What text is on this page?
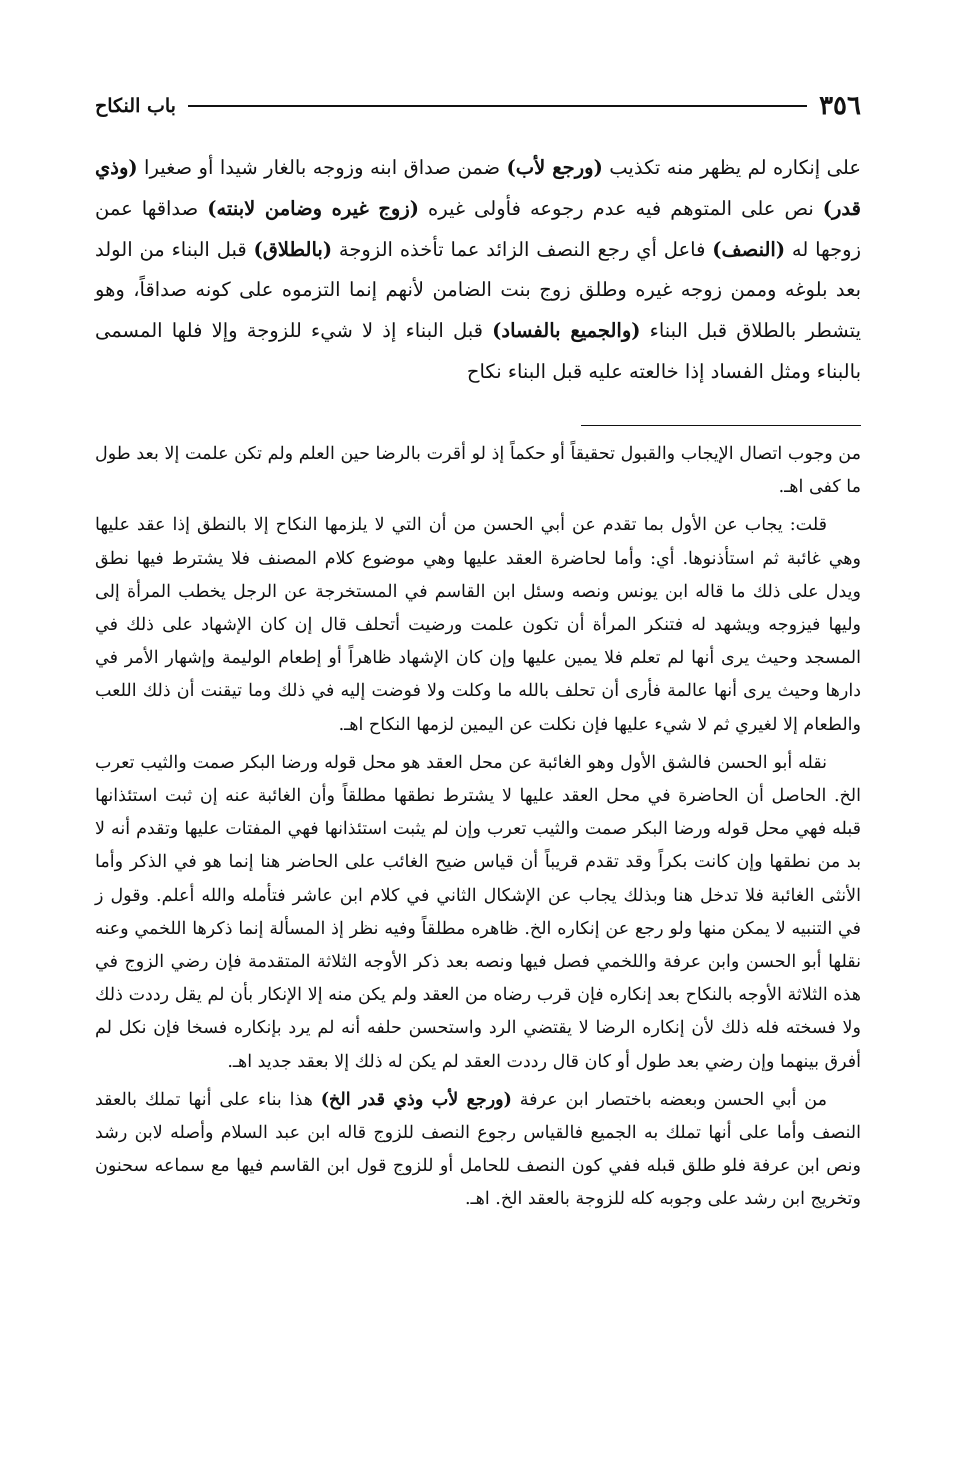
٣٥٦
باب النكاح

على إنكاره لم يظهر منه تكذيب (ورجع لأب) ضمن صداق ابنه وزوجه بالغار شيدا أو صغيرا (وذي قدر) نص على المتوهم فيه عدم رجوعه فأولى غيره (زوج غيره وضامن لابنته) صداقها عمن زوجها له (النصف) فاعل أي رجع النصف الزائد عما تأخذه الزوجة (بالطلاق) قبل البناء من الولد بعد بلوغه وممن زوجه غيره وطلق زوج بنت الضامن لأنهم إنما التزموه على كونه صداقاً، وهو يتشطر بالطلاق قبل البناء (والجميع بالفساد) قبل البناء إذ لا شيء للزوجة وإلا فلها المسمى بالبناء ومثل الفساد إذا خالعته عليه قبل البناء نكاح

من وجوب اتصال الإيجاب والقبول تحقيقاً أو حكماً إذ لو أقرت بالرضا حين العلم ولم تكن علمت إلا بعد طول ما كفى اهـ.

قلت: يجاب عن الأول بما تقدم عن أبي الحسن من أن التي لا يلزمها النكاح إلا بالنطق إذا عقد عليها وهي غائبة ثم استأذنوها. أي: وأما لحاضرة العقد عليها وهي موضوع كلام المصنف فلا يشترط فيها نطق ويدل على ذلك ما قاله ابن يونس ونصه وسئل ابن القاسم في المستخرجة عن الرجل يخطب المرأة إلى وليها فيزوجه ويشهد له فتنكر المرأة أن تكون علمت ورضيت أتحلف قال إن كان الإشهاد على ذلك في المسجد وحيث يرى أنها لم تعلم فلا يمين عليها وإن كان الإشهاد ظاهراً أو إطعام الوليمة وإشهار الأمر في دارها وحيث يرى أنها عالمة فأرى أن تحلف بالله ما وكلت ولا فوضت إليه في ذلك وما تيقنت أن ذلك اللعب والطعام إلا لغيري ثم لا شيء عليها فإن نكلت عن اليمين لزمها النكاح اهـ.

نقله أبو الحسن فالشق الأول وهو الغائبة عن محل العقد هو محل قوله ورضا البكر صمت والثيب تعرب الخ. الحاصل أن الحاضرة في محل العقد عليها لا يشترط نطقها مطلقاً وأن الغائبة عنه إن ثبت استئذانها قبله فهي محل قوله ورضا البكر صمت والثيب تعرب وإن لم يثبت استئذانها فهي المفتات عليها وتقدم أنه لا بد من نطقها وإن كانت بكراً وقد تقدم قريباً أن قياس ضيح الغائب على الحاضر هنا إنما هو في الذكر وأما الأنثى الغائبة فلا تدخل هنا وبذلك يجاب عن الإشكال الثاني في كلام ابن عاشر فتأمله والله أعلم. وقول ز في التنبيه لا يمكن منها ولو رجع عن إنكاره الخ. ظاهره مطلقاً وفيه نظر إذ المسألة إنما ذكرها اللخمي وعنه نقلها أبو الحسن وابن عرفة واللخمي فصل فيها ونصه بعد ذكر الأوجه الثلاثة المتقدمة فإن رضي الزوج في هذه الثلاثة الأوجه بالنكاح بعد إنكاره فإن قرب رضاه من العقد ولم يكن منه إلا الإنكار بأن لم يقل رددت ذلك ولا فسخته فله ذلك لأن إنكاره الرضا لا يقتضي الرد واستحسن حلفه أنه لم يرد بإنكاره فسخا فإن نكل لم أفرق بينهما وإن رضي بعد طول أو كان قال رددت العقد لم يكن له ذلك إلا بعقد جديد اهـ.

من أبي الحسن وبعضه باختصار ابن عرفة (ورجع لأب وذي قدر الخ) هذا بناء على أنها تملك بالعقد النصف وأما على أنها تملك به الجميع فالقياس رجوع النصف للزوج قاله ابن عبد السلام وأصله لابن رشد ونص ابن عرفة فلو طلق قبله ففي كون النصف للحامل أو للزوج قول ابن القاسم فيها مع سماعه سحنون وتخريج ابن رشد على وجوبه كله للزوجة بالعقد الخ. اهـ.
